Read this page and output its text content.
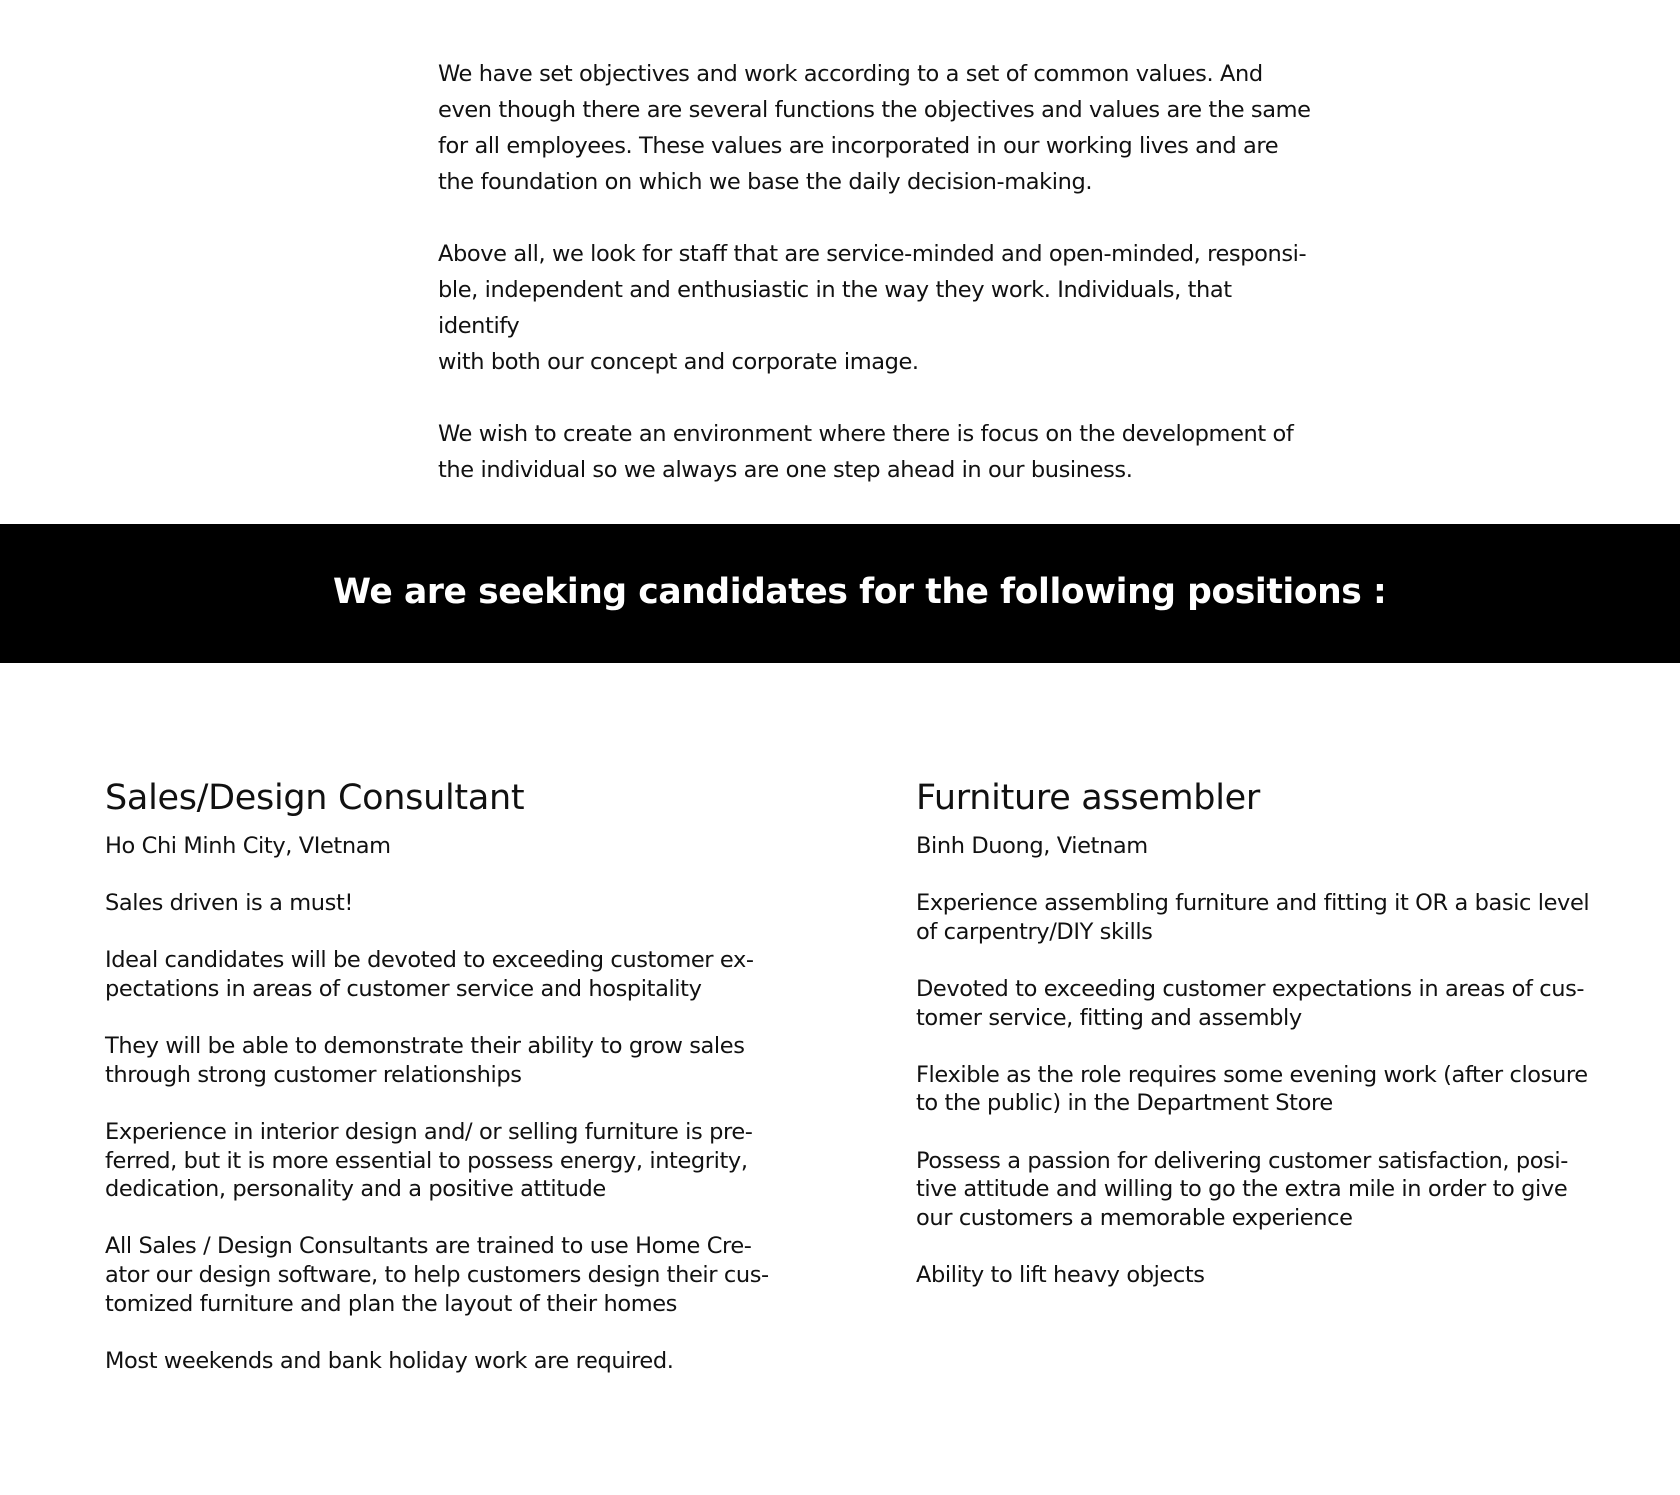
We have set objectives and work according to a set of common values. And
even though there are several functions the objectives and values are the same
for all employees. These values are incorporated in our working lives and are
the foundation on which we base the daily decision-making.

Above all, we look for staff that are service-minded and open-minded, responsi-
ble, independent and enthusiastic in the way they work. Individuals, that identify
with both our concept and corporate image.

We wish to create an environment where there is focus on the development of
the individual so we always are one step ahead in our business.

We are seeking candidates for the following positions :
Sales/Design Consultant
Ho Chi Minh City, VIetnam
Sales driven is a must!
Ideal candidates will be devoted to exceeding customer ex-
pectations in areas of customer service and hospitality
They will be able to demonstrate their ability to grow sales
through strong customer relationships
Experience in interior design and/ or selling furniture is pre-
ferred, but it is more essential to possess energy, integrity,
dedication, personality and a positive attitude
All Sales / Design Consultants are trained to use Home Cre-
ator our design software, to help customers design their cus-
tomized furniture and plan the layout of their homes
Most weekends and bank holiday work are required.
Furniture assembler
Binh Duong, Vietnam
Experience assembling furniture and fitting it OR a basic level
of carpentry/DIY skills
Devoted to exceeding customer expectations in areas of cus-
tomer service, fitting and assembly
Flexible as the role requires some evening work (after closure
to the public) in the Department Store
Possess a passion for delivering customer satisfaction, posi-
tive attitude and willing to go the extra mile in order to give
our customers a memorable experience
Ability to lift heavy objects
